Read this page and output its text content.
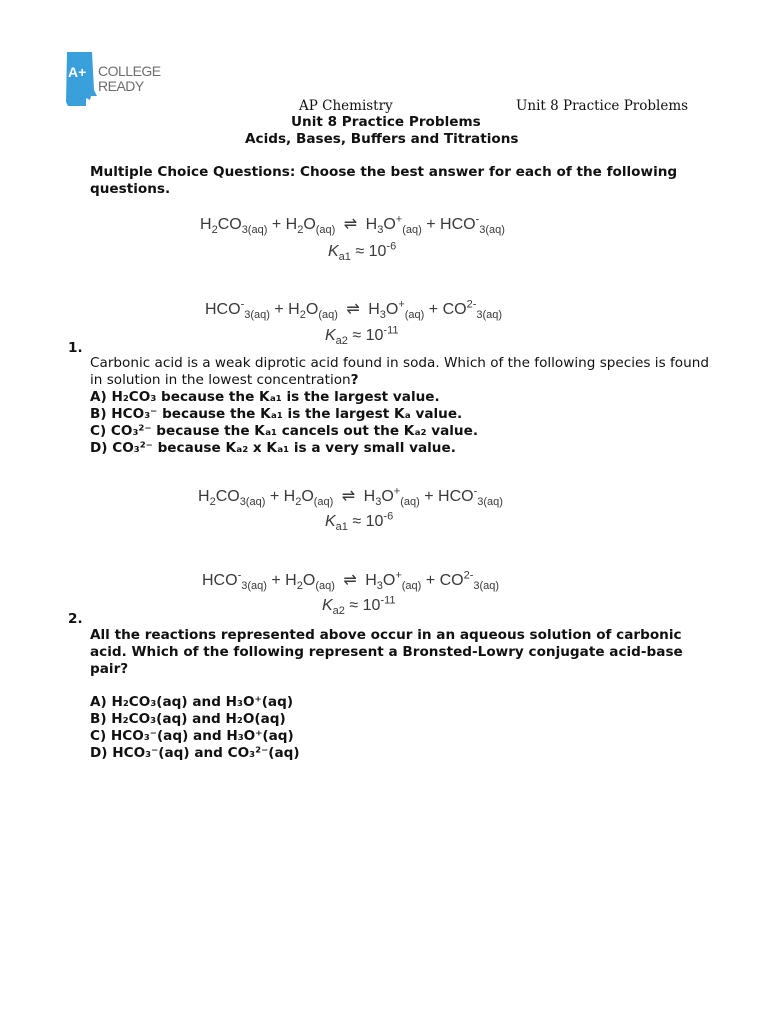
A+ COLLEGE
READY
AP Chemistry	Unit 8 Practice Problems
Unit 8 Practice Problems
Acids, Bases, Buffers and Titrations
Multiple Choice Questions: Choose the best answer for each of the following
questions.
$H_2CO_{3(aq)} + H_2O_{(aq)}$ ⇌ $H_3O^+_{(aq)} + HCO^-_{3(aq)}$
$K_{a1} \approx 10^{-6}$
$HCO^-_{3(aq)} + H_2O_{(aq)}$ ⇌ $H_3O^+_{(aq)} + CO^{2-}_{3(aq)}$
$K_{a2} \approx 10^{-11}$
1.
Carbonic acid is a weak diprotic acid found in soda. Which of the following species is found
in solution in the lowest concentration?
A) H₂CO₃ because the Kₐ₁ is the largest value.
B) HCO₃⁻ because the Kₐ₁ is the largest Kₐ value.
C) CO₃²⁻ because the Kₐ₁ cancels out the Kₐ₂ value.
D) CO₃²⁻ because Kₐ₂ x Kₐ₁ is a very small value.
$H_2CO_{3(aq)} + H_2O_{(aq)}$ ⇌ $H_3O^+_{(aq)} + HCO^-_{3(aq)}$
$K_{a1} \approx 10^{-6}$
$HCO^-_{3(aq)} + H_2O_{(aq)}$ ⇌ $H_3O^+_{(aq)} + CO^{2-}_{3(aq)}$
$K_{a2} \approx 10^{-11}$
2.
All the reactions represented above occur in an aqueous solution of carbonic
acid. Which of the following represent a Bronsted-Lowry conjugate acid-base
pair?
A) H₂CO₃(aq) and H₃O⁺(aq)
B) H₂CO₃(aq) and H₂O(aq)
C) HCO₃⁻(aq) and H₃O⁺(aq)
D) HCO₃⁻(aq) and CO₃²⁻(aq)
